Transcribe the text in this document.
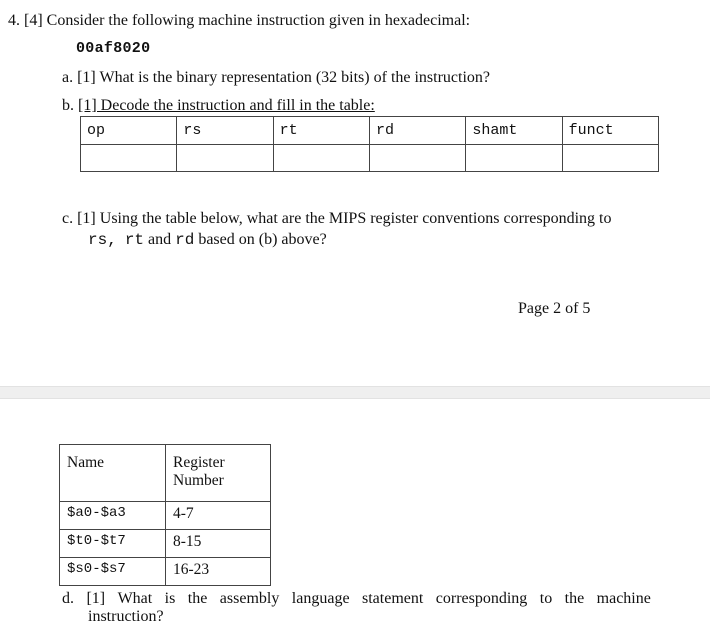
4. [4] Consider the following machine instruction given in hexadecimal:
00af8020
a. [1] What is the binary representation (32 bits) of the instruction?
b. [1] Decode the instruction and fill in the table:
op	rs	rt	rd	shamt	funct

c. [1] Using the table below, what are the MIPS register conventions corresponding to
rs, rt and rd based on (b) above?
Page 2 of 5
Name	Register Number
$a0-$a3	4-7
$t0-$t7	8-15
$s0-$s7	16-23
d. [1] What is the assembly language statement corresponding to the machine
instruction?
